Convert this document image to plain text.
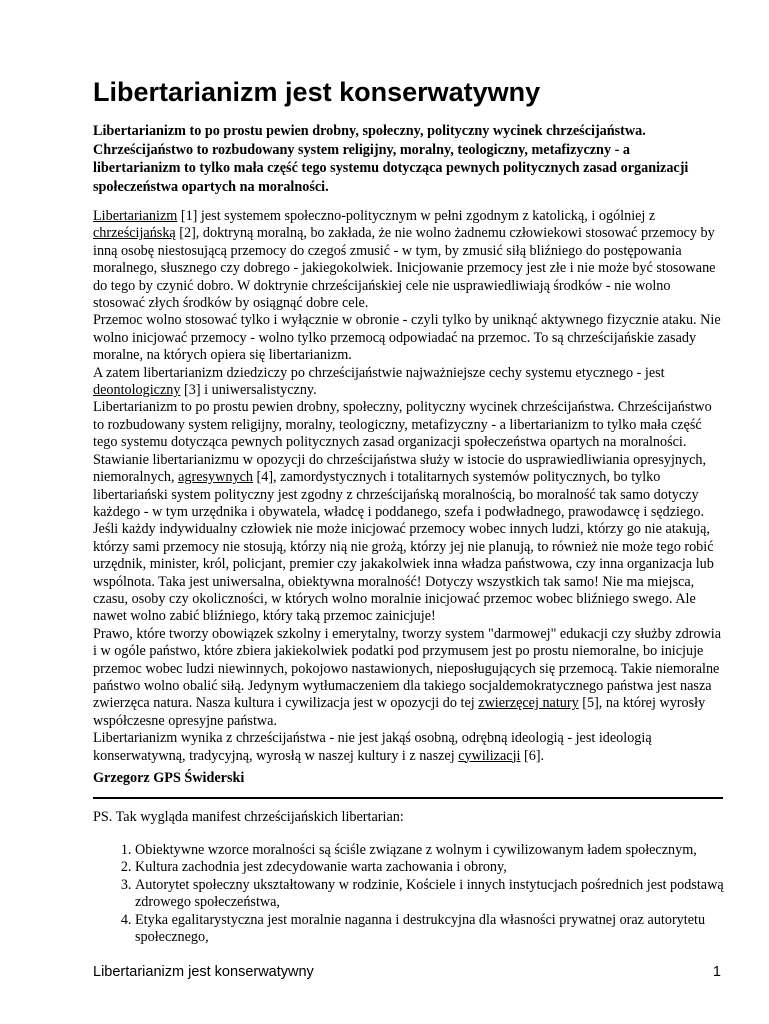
Libertarianizm jest konserwatywny

Libertarianizm to po prostu pewien drobny, społeczny, polityczny wycinek chrześcijaństwa. Chrześcijaństwo to rozbudowany system religijny, moralny, teologiczny, metafizyczny - a libertarianizm to tylko mała część tego systemu dotycząca pewnych politycznych zasad organizacji społeczeństwa opartych na moralności.

Libertarianizm [1] jest systemem społeczno-politycznym w pełni zgodnym z katolicką, i ogólniej z chrześcijańską [2], doktryną moralną, bo zakłada, że nie wolno żadnemu człowiekowi stosować przemocy by inną osobę niestosującą przemocy do czegoś zmusić - w tym, by zmusić siłą bliźniego do postępowania moralnego, słusznego czy dobrego - jakiegokolwiek. Inicjowanie przemocy jest złe i nie może być stosowane do tego by czynić dobro. W doktrynie chrześcijańskiej cele nie usprawiedliwiają środków - nie wolno stosować złych środków by osiągnąć dobre cele.

Przemoc wolno stosować tylko i wyłącznie w obronie - czyli tylko by uniknąć aktywnego fizycznie ataku. Nie wolno inicjować przemocy - wolno tylko przemocą odpowiadać na przemoc. To są chrześcijańskie zasady moralne, na których opiera się libertarianizm.

A zatem libertarianizm dziedziczy po chrześcijaństwie najważniejsze cechy systemu etycznego - jest deontologiczny [3] i uniwersalistyczny.

Libertarianizm to po prostu pewien drobny, społeczny, polityczny wycinek chrześcijaństwa. Chrześcijaństwo to rozbudowany system religijny, moralny, teologiczny, metafizyczny - a libertarianizm to tylko mała część tego systemu dotycząca pewnych politycznych zasad organizacji społeczeństwa opartych na moralności.

Stawianie libertarianizmu w opozycji do chrześcijaństwa służy w istocie do usprawiedliwiania opresyjnych, niemoralnych, agresywnych [4], zamordystycznych i totalitarnych systemów politycznych, bo tylko libertariański system polityczny jest zgodny z chrześcijańską moralnością, bo moralność tak samo dotyczy każdego - w tym urzędnika i obywatela, władcę i poddanego, szefa i podwładnego, prawodawcę i sędziego. Jeśli każdy indywidualny człowiek nie może inicjować przemocy wobec innych ludzi, którzy go nie atakują, którzy sami przemocy nie stosują, którzy nią nie grożą, którzy jej nie planują, to również nie może tego robić urzędnik, minister, król, policjant, premier czy jakakolwiek inna władza państwowa, czy inna organizacja lub wspólnota. Taka jest uniwersalna, obiektywna moralność! Dotyczy wszystkich tak samo! Nie ma miejsca, czasu, osoby czy okoliczności, w których wolno moralnie inicjować przemoc wobec bliźniego swego. Ale nawet wolno zabić bliźniego, który taką przemoc zainicjuje!

Prawo, które tworzy obowiązek szkolny i emerytalny, tworzy system "darmowej" edukacji czy służby zdrowia i w ogóle państwo, które zbiera jakiekolwiek podatki pod przymusem jest po prostu niemoralne, bo inicjuje przemoc wobec ludzi niewinnych, pokojowo nastawionych, nieposługujących się przemocą. Takie niemoralne państwo wolno obalić siłą. Jedynym wytłumaczeniem dla takiego socjaldemokratycznego państwa jest nasza zwierzęca natura. Nasza kultura i cywilizacja jest w opozycji do tej zwierzęcej natury [5], na której wyrosły współczesne opresyjne państwa.

Libertarianizm wynika z chrześcijaństwa - nie jest jakąś osobną, odrębną ideologią - jest ideologią konserwatywną, tradycyjną, wyrosłą w naszej kultury i z naszej cywilizacji [6].

Grzegorz GPS Świderski

PS. Tak wygląda manifest chrześcijańskich libertarian:

1. Obiektywne wzorce moralności są ściśle związane z wolnym i cywilizowanym ładem społecznym,
2. Kultura zachodnia jest zdecydowanie warta zachowania i obrony,
3. Autorytet społeczny ukształtowany w rodzinie, Kościele i innych instytucjach pośrednich jest podstawą zdrowego społeczeństwa,
4. Etyka egalitarystyczna jest moralnie naganna i destrukcyjna dla własności prywatnej oraz autorytetu społecznego,
Libertarianizm jest konserwatywny	1
